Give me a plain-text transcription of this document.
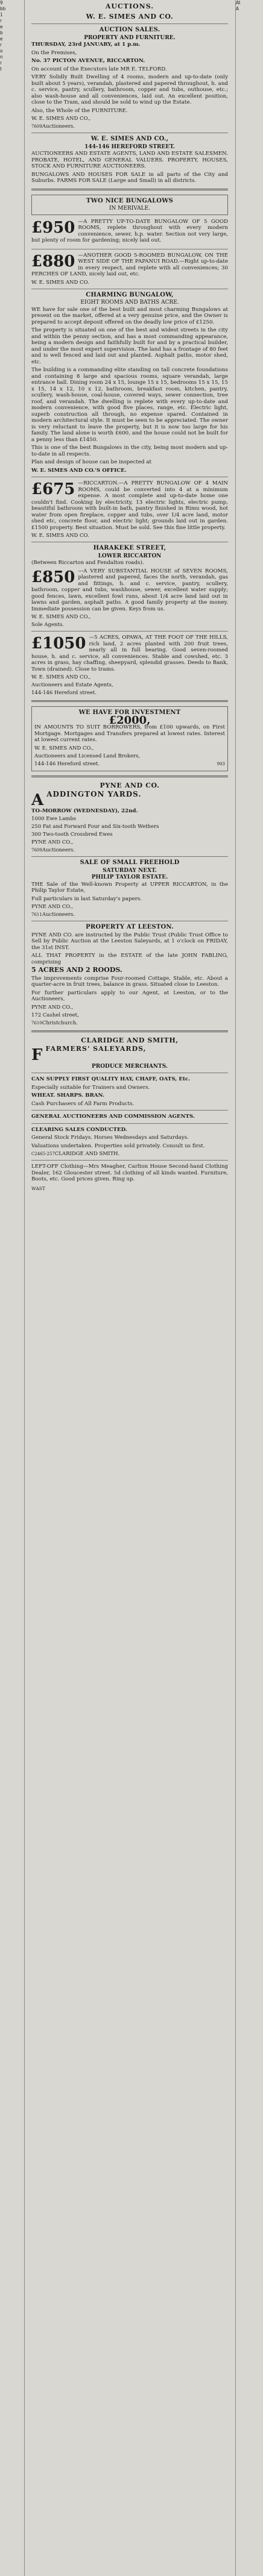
9
bb
1
r
e
b
e
r
o
n
r
t
AUCTIONS.
W. E. SIMES AND CO.
AUCTION SALES.
PROPERTY AND FURNITURE.

THURSDAY, 23rd JANUARY, at 1 p.m.

On the Premises,

No. 37 PICTON AVENUE, RICCARTON.

On account of the Executors late MR E. TELFORD.

VERY Solidly Built Dwelling of 4 rooms, modern and up-to-date (only built about 5 years), verandah, plastered and papered throughout, h. and c. service, pantry, scullery, bathroom, copper and tubs, outhouse, etc.; also wash-house and all conveniences, laid out. An excellent position, close to the Tram, and should be sold to wind up the Estate.

Also, the Whole of the FURNITURE.

W. E. SIMES AND CO.,

7609 Auctioneers.

W. E. SIMES AND CO.,
144-146 HEREFORD STREET.

AUCTIONEERS AND ESTATE AGENTS, LAND AND ESTATE SALESMEN. PROBATE, HOTEL, AND GENERAL VALUERS. PROPERTY, HOUSES, STOCK AND FURNITURE AUCTIONEERS.

BUNGALOWS AND HOUSES FOR SALE in all parts of the City and Suburbs. FARMS FOR SALE (Large and Small) in all districts.

TWO NICE BUNGALOWS
IN MERIVALE.

£950 —A PRETTY UP-TO-DATE BUNGALOW OF 5 GOOD ROOMS, replete throughout with every modern convenience, sewer, h.p. water. Section not very large, but plenty of room for gardening; nicely laid out.

£880 —ANOTHER GOOD 5-ROOMED BUNGALOW, ON THE WEST SIDE OF THE PAPANUI ROAD.—Right up-to-date in every respect, and replete with all conveniences; 30 PERCHES OF LAND, nicely laid out, etc.

W. E. SIMES AND CO.

CHARMING BUNGALOW,
EIGHT ROOMS AND BATHS ACRE.

WE have for sale one of the best built and most charming Bungalows at present on the market, offered at a very genuine price, and the Owner is prepared to accept deposit offered on the deadly low price of £1250.

The property is situated on one of the best and widest streets in the city and within the penny section, and has a most commanding appearance, being a modern design and faithfully built for and by a practical builder, and under the most expert supervision. The land has a frontage of 80 feet and is well fenced and laid out and planted. Asphalt paths, motor shed, etc.

The building is a commanding elite standing on tall concrete foundations and containing 8 large and spacious rooms, square verandah, large entrance hall. Dining room 24 x 15, lounge 15 x 15, bedrooms 15 x 15, 15 x 15, 14 x 12, 10 x 12, bathroom, breakfast room, kitchen, pantry, scullery, wash-house, coal-house, covered ways, sewer connection, tree roof, and verandah. The dwelling is replete with every up-to-date and modern convenience, with good five places, range, etc. Electric light, superb construction all through, no expense spared. Contained in modern architectural style. It must be seen to be appreciated. The owner is very reluctant to leave the property, but it is now too large for his family. The land alone is worth £600, and the house could not be built for a penny less than £1450.

This is one of the best Bungalows in the city, being most modern and up-to-date in all respects.

Plan and design of house can be inspected at

W. E. SIMES AND CO.'S OFFICE.

£675 —RICCARTON.—A PRETTY BUNGALOW OF 4 MAIN ROOMS, could be converted into 4 at a minimum expense. A most complete and up-to-date home one couldn't find. Cooking by electricity, 13 electric lights, electric pump, beautiful bathroom with built-in bath, pantry finished in Rimu wood, hot water from open fireplace, copper and tubs, over 1/4 acre land, motor shed etc, concrete floor, and electric light; grounds laid out in garden. £1500 property. Best situation. Must be sold. See this fine little property.

W. E. SIMES AND CO.

HARAKEKE STREET,
LOWER RICCARTON

(Between Riccarton and Fendalton roads).

£850 —A VERY SUBSTANTIAL HOUSE of SEVEN ROOMS, plastered and papered, faces the north, verandah, gas and fittings, h. and c. service, pantry, scullery, bathroom, copper and tubs, washhouse, sewer, excellent water supply; good fences, lawn, excellent fowl runs, about 1/4 acre land laid out in lawns and garden, asphalt paths. A good family property at the money. Immediate possession can be given. Keys from us.

W. E. SIMES AND CO.,

Sole Agents.

£1050 —5 ACRES, OPAWA, AT THE FOOT OF THE HILLS, rich land, 2 acres planted with 200 fruit trees, nearly all in full bearing. Good seven-roomed house, h. and c. service, all conveniences. Stable and cowshed, etc. 3 acres in grass, hay chaffing, sheepyard, splendid grasses. Deeds to Bank, Town (drained). Close to trams.

W. E. SIMES AND CO.,

Auctioneers and Estate Agents,

144-146 Hereford street.

WE HAVE FOR INVESTMENT
£2000,

IN AMOUNTS TO SUIT BORROWERS, from £100 upwards, on First Mortgage. Mortgages and Transfers prepared at lowest rates. Interest at lowest current rates.

W. E. SIMES AND CO.,

Auctioneers and Licensed Land Brokers,

144-146 Hereford street.	903

PYNE AND CO.

AADDINGTON YARDS.

TO-MORROW (WEDNESDAY), 22nd.

1000 Ewe Lambs

250 Fat and Forward Four and Six-tooth Wethers

300 Two-tooth Crossbred Ewes

PYNE AND CO.,

7609 Auctioneers.

SALE OF SMALL FREEHOLD
SATURDAY NEXT.
PHILIP TAYLOR ESTATE.

THE Sale of the Well-known Property at UPPER RICCARTON, in the Philip Taylor Estate,

Full particulars in last Saturday's papers.

PYNE AND CO.,

7611 Auctioneers.

PROPERTY AT LEESTON.

PYNE AND CO. are instructed by the Public Trust (Public Trust Office to Sell by Public Auction at the Leeston Saleyards, at 1 o'clock on FRIDAY, the 31st INST.

ALL THAT PROPERTY in the ESTATE of the late JOHN FABLING, comprising

5 ACRES AND 2 ROODS.

The improvements comprise Four-roomed Cottage, Stable, etc. About a quarter-acre in fruit trees, balance in grass. Situated close to Leeston.

For further particulars apply to our Agent, at Leeston, or to the Auctioneers,

PYNE AND CO.,

172 Cashel street,

7610 Christchurch.

CLARIDGE AND SMITH,

FFARMERS' SALEYARDS,

PRODUCE MERCHANTS.

CAN SUPPLY FIRST QUALITY HAY, CHAFF, OATS, Etc.

Especially suitable for Trainers and Owners.

WHEAT. SHARPS. BRAN.

Cash Purchasers of All Farm Products.

GENERAL AUCTIONEERS AND COMMISSION AGENTS.

CLEARING SALES CONDUCTED.

General Stock Fridays. Horses Wednesdays and Saturdays.

Valuations undertaken. Properties sold privately. Consult us first.

C2465-257 CLARIDGE AND SMITH.

LEFT-OFF Clothing—Mrs Meagher, Carlton House Second-hand Clothing Dealer, 162 Gloucester street. 5d clothing of all kinds wanted. Furniture, Boots, etc. Good prices given. Ring up.

WAST
At
A
